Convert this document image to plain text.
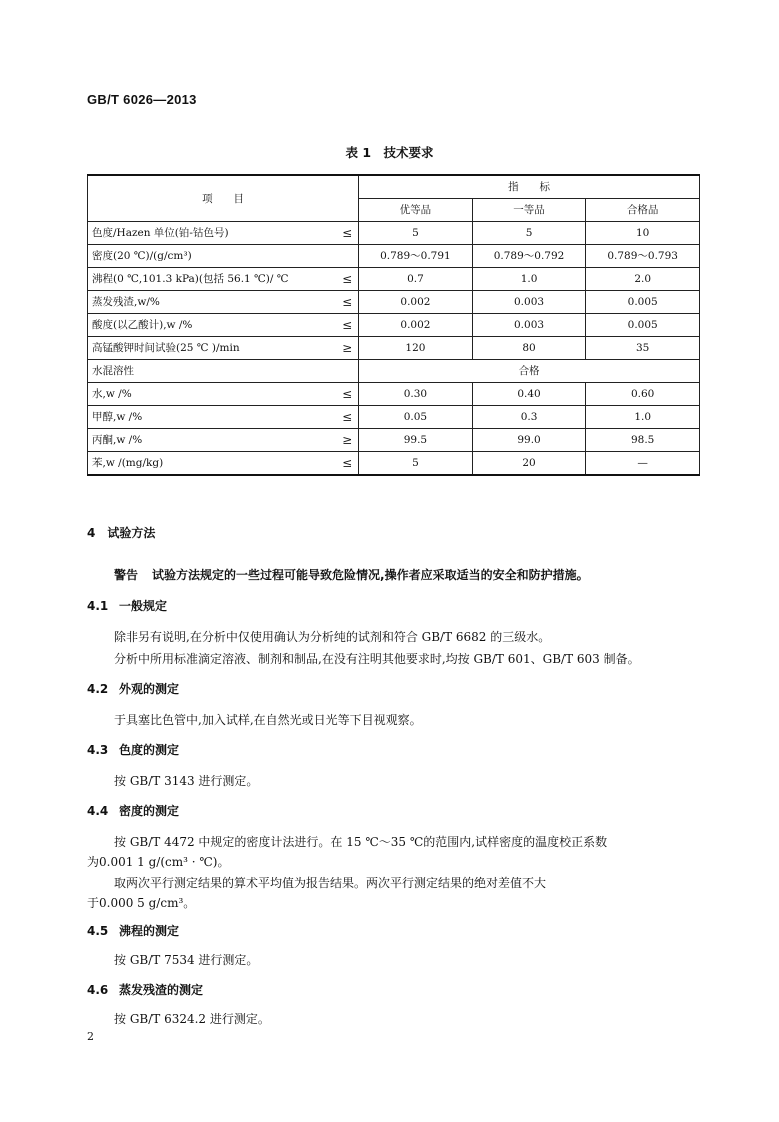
GB/T 6026—2013
表 1　技术要求
项　　目		指　　标		
		优等品	一等品	合格品
色度/Hazen 单位(铂-钴色号)	≤	5	5	10
密度(20 ℃)/(g/cm³)		0.789～0.791	0.789～0.792	0.789～0.793
沸程(0 ℃,101.3 kPa)(包括 56.1 ℃)/ ℃	≤	0.7	1.0	2.0
蒸发残渣,w/%	≤	0.002	0.003	0.005
酸度(以乙酸计),w /%	≤	0.002	0.003	0.005
高锰酸钾时间试验(25 ℃ )/min	≥	120	80	35
水混溶性		合格		
水,w /%	≤	0.30	0.40	0.60
甲醇,w /%	≤	0.05	0.3	1.0
丙酮,w /%	≥	99.5	99.0	98.5
苯,w /(mg/kg)	≤	5	20	—
4　试验方法
警告 试验方法规定的一些过程可能导致危险情况,操作者应采取适当的安全和防护措施。
4.1 一般规定
除非另有说明,在分析中仅使用确认为分析纯的试剂和符合 GB/T 6682 的三级水。
分析中所用标准滴定溶液、制剂和制品,在没有注明其他要求时,均按 GB/T 601、GB/T 603 制备。
4.2 外观的测定
于具塞比色管中,加入试样,在自然光或日光等下目视观察。
4.3 色度的测定
按 GB/T 3143 进行测定。
4.4 密度的测定
按 GB/T 4472 中规定的密度计法进行。在 15 ℃～35 ℃的范围内,试样密度的温度校正系数
为0.001 1 g/(cm³ · ℃)。
取两次平行测定结果的算术平均值为报告结果。两次平行测定结果的绝对差值不大
于0.000 5 g/cm³。
4.5 沸程的测定
按 GB/T 7534 进行测定。
4.6 蒸发残渣的测定
按 GB/T 6324.2 进行测定。
2
